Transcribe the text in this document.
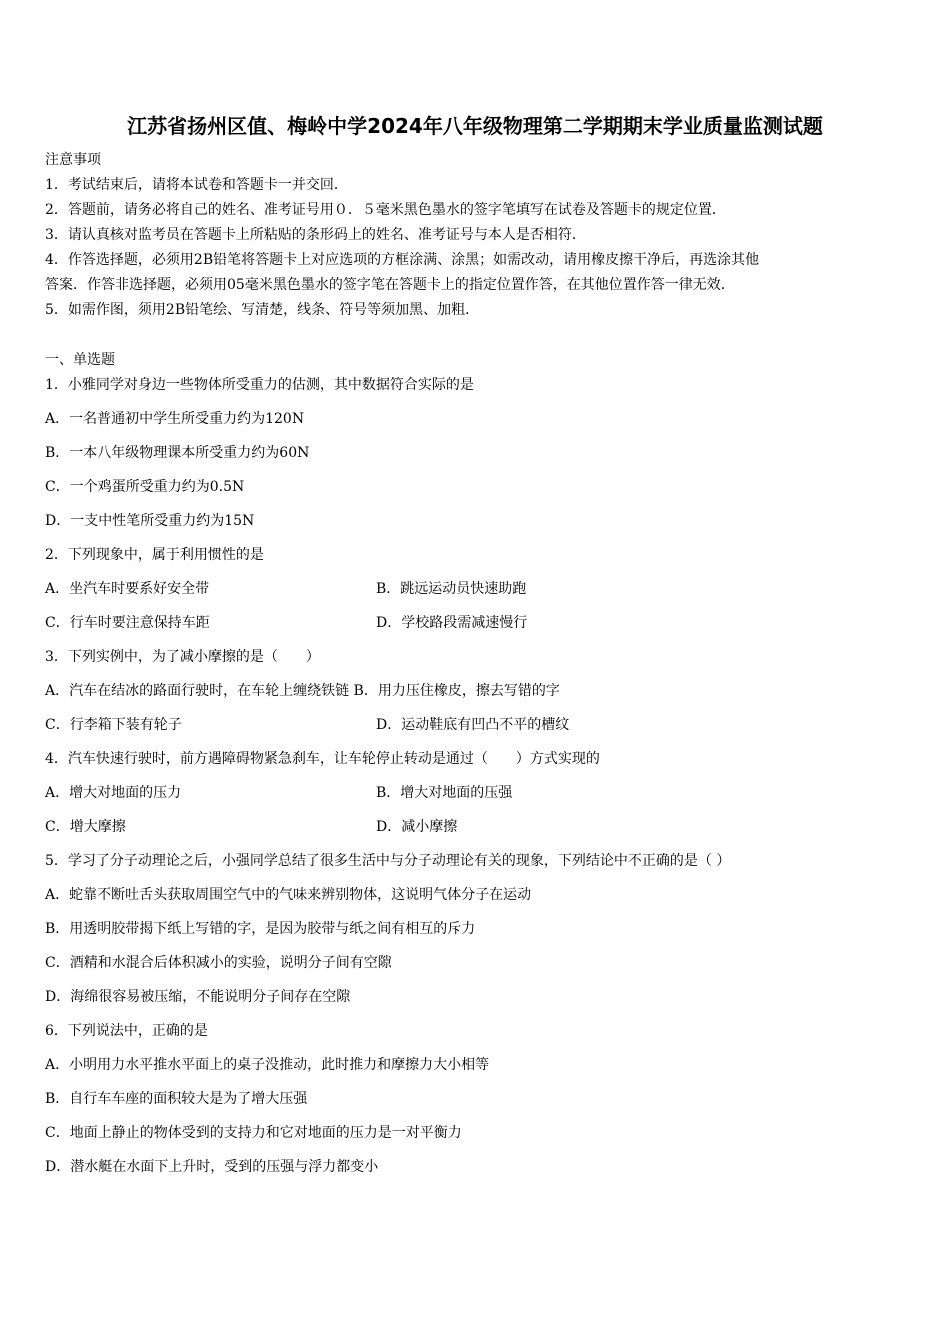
江苏省扬州区值、梅岭中学2024年八年级物理第二学期期末学业质量监测试题
注意事项
1．考试结束后，请将本试卷和答题卡一并交回．
2．答题前，请务必将自己的姓名、准考证号用０．５毫米黑色墨水的签字笔填写在试卷及答题卡的规定位置．
3．请认真核对监考员在答题卡上所粘贴的条形码上的姓名、准考证号与本人是否相符．
4．作答选择题，必须用2B铅笔将答题卡上对应选项的方框涂满、涂黑；如需改动，请用橡皮擦干净后，再选涂其他
答案．作答非选择题，必须用05毫米黑色墨水的签字笔在答题卡上的指定位置作答，在其他位置作答一律无效．
5．如需作图，须用2B铅笔绘、写清楚，线条、符号等须加黑、加粗．
一、单选题
1．小雅同学对身边一些物体所受重力的估测，其中数据符合实际的是
A．一名普通初中学生所受重力约为120N
B．一本八年级物理课本所受重力约为60N
C．一个鸡蛋所受重力约为0.5N
D．一支中性笔所受重力约为15N
2．下列现象中，属于利用惯性的是
A．坐汽车时要系好安全带	B．跳远运动员快速助跑
C．行车时要注意保持车距	D．学校路段需减速慢行
3．下列实例中，为了减小摩擦的是（　　）
A．汽车在结冰的路面行驶时，在车轮上缠绕铁链 B．用力压住橡皮，擦去写错的字
C．行李箱下装有轮子	D．运动鞋底有凹凸不平的槽纹
4．汽车快速行驶时，前方遇障碍物紧急刹车，让车轮停止转动是通过（　　）方式实现的
A．增大对地面的压力	B．增大对地面的压强
C．增大摩擦	D．减小摩擦
5．学习了分子动理论之后，小强同学总结了很多生活中与分子动理论有关的现象，下列结论中不正确的是（ ）
A．蛇靠不断吐舌头获取周围空气中的气味来辨别物体，这说明气体分子在运动
B．用透明胶带揭下纸上写错的字，是因为胶带与纸之间有相互的斥力
C．酒精和水混合后体积减小的实验，说明分子间有空隙
D．海绵很容易被压缩，不能说明分子间存在空隙
6．下列说法中，正确的是
A．小明用力水平推水平面上的桌子没推动，此时推力和摩擦力大小相等
B．自行车车座的面积较大是为了增大压强
C．地面上静止的物体受到的支持力和它对地面的压力是一对平衡力
D．潜水艇在水面下上升时，受到的压强与浮力都变小
